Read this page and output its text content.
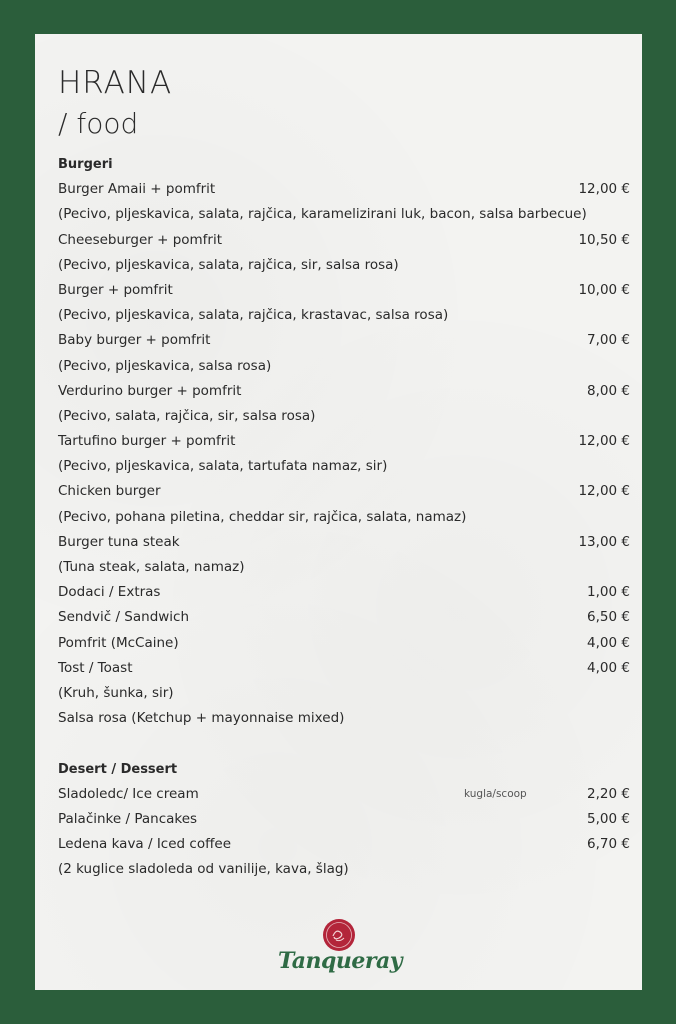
HRANA
/ food
Burgeri
Burger Amaii + pomfrit	12,00 €
(Pecivo, pljeskavica, salata, rajčica, karamelizirani luk, bacon, salsa barbecue)
Cheeseburger + pomfrit	10,50 €
(Pecivo, pljeskavica, salata, rajčica, sir, salsa rosa)
Burger + pomfrit	10,00 €
(Pecivo, pljeskavica, salata, rajčica, krastavac, salsa rosa)
Baby burger + pomfrit	7,00 €
(Pecivo, pljeskavica, salsa rosa)
Verdurino burger + pomfrit	8,00 €
(Pecivo, salata, rajčica, sir, salsa rosa)
Tartufino burger + pomfrit	12,00 €
(Pecivo, pljeskavica, salata, tartufata namaz, sir)
Chicken burger	12,00 €
(Pecivo, pohana piletina, cheddar sir, rajčica, salata, namaz)
Burger tuna steak	13,00 €
(Tuna steak, salata, namaz)
Dodaci / Extras	1,00 €
Sendvič / Sandwich	6,50 €
Pomfrit (McCaine)	4,00 €
Tost / Toast	4,00 €
(Kruh, šunka, sir)
Salsa rosa (Ketchup + mayonnaise mixed)
Desert / Dessert
Sladoledc/ Ice cream	kugla/scoop	2,20 €
Palačinke / Pancakes	5,00 €
Ledena kava / Iced coffee	6,70 €
(2 kuglice sladoleda od vanilije, kava, šlag)
Tanqueray
